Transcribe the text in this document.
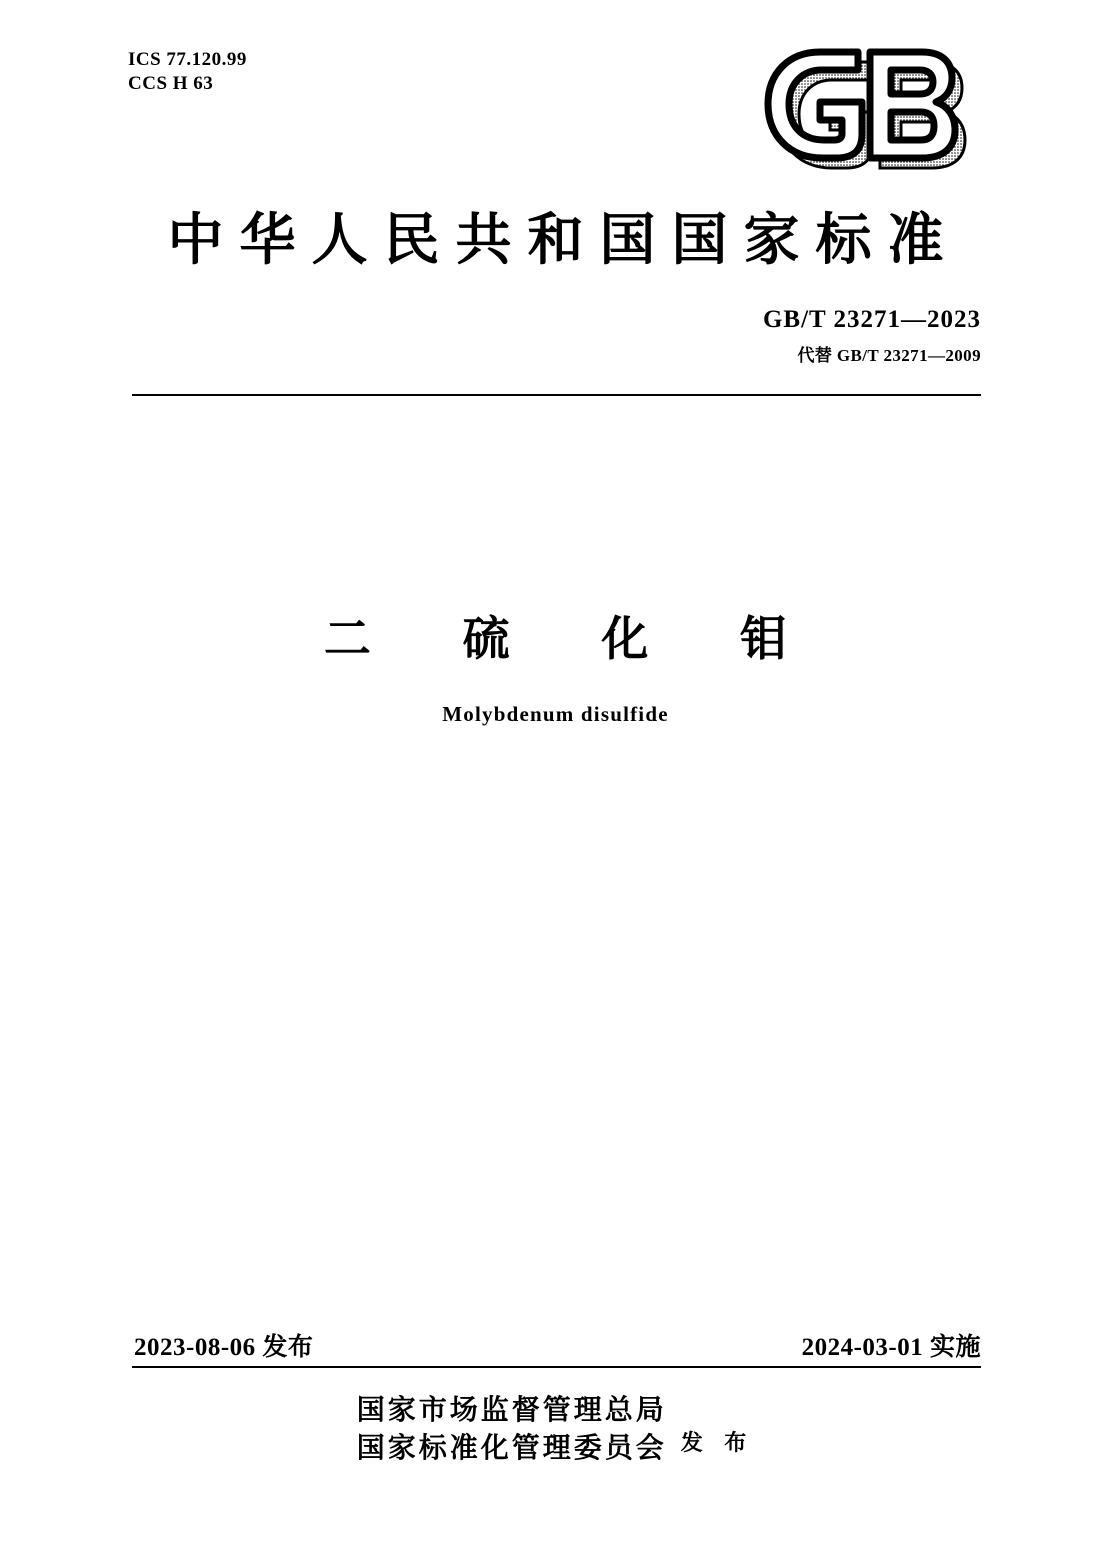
ICS 77.120.99
CCS H 63
中华人民共和国国家标准
GB/T 23271—2023
代替 GB/T 23271—2009
二 硫 化 钼
Molybdenum disulfide
2023-08-06 发布	2024-03-01 实施
国家市场监督管理总局
国家标准化管理委员会 发 布
